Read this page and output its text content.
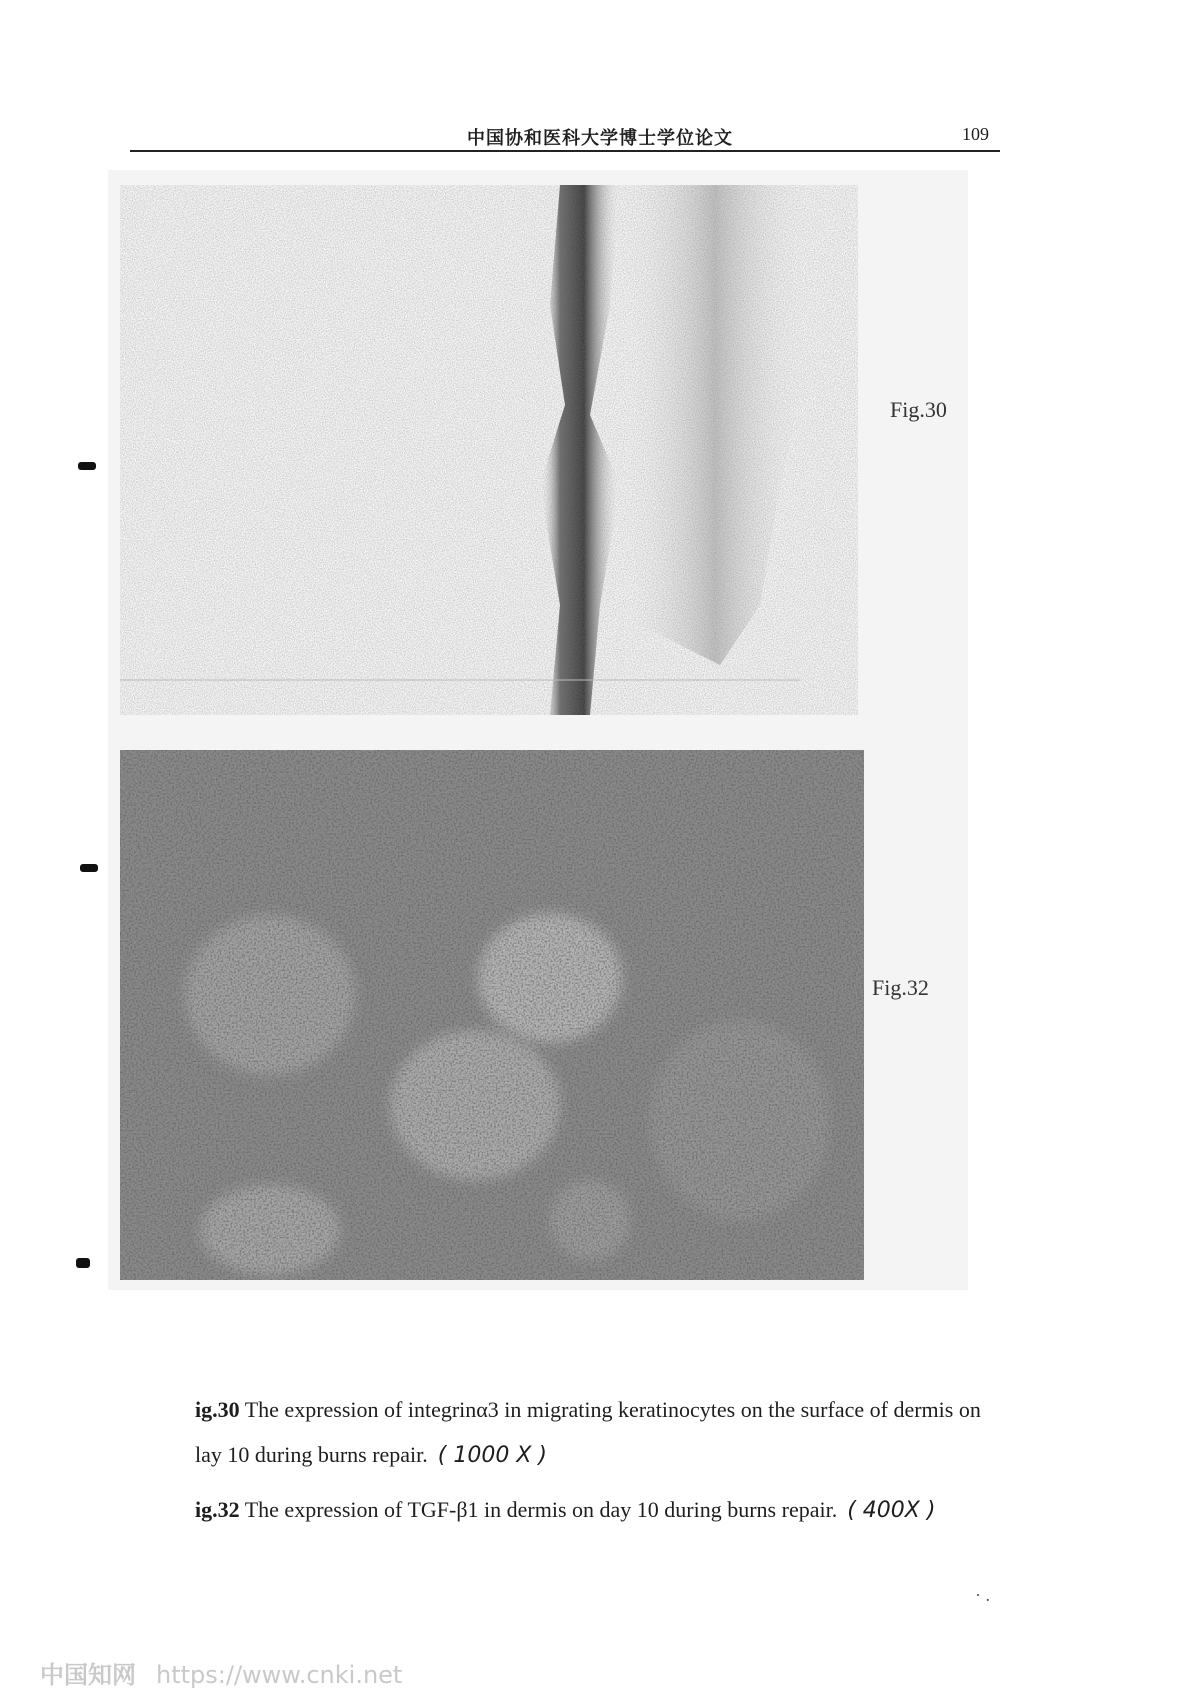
中国协和医科大学博士学位论文	109
Fig.30
Fig.32
ig.30 The expression of integrinα3 in migrating keratinocytes on the surface of dermis on
lay 10 during burns repair. ( 1000 X )
ig.32 The expression of TGF-β1 in dermis on day 10 during burns repair. ( 400X )
· .
中国知网 https://www.cnki.net
